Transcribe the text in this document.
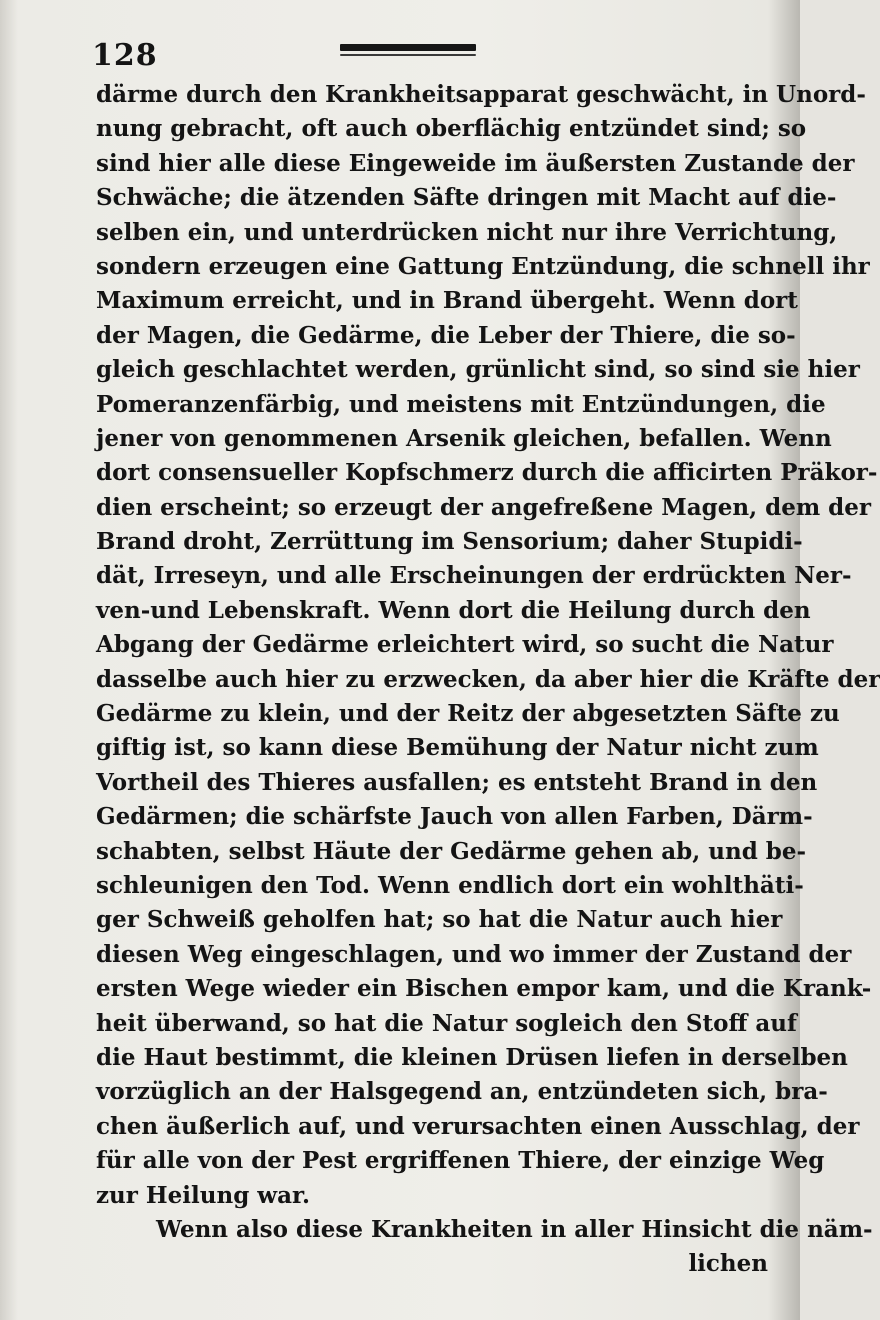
128
därme durch den Krankheitsapparat geschwächt, in Unord-
nung gebracht, oft auch oberflächig entzündet sind; so
sind hier alle diese Eingeweide im äußersten Zustande der
Schwäche; die ätzenden Säfte dringen mit Macht auf die-
selben ein, und unterdrücken nicht nur ihre Verrichtung,
sondern erzeugen eine Gattung Entzündung, die schnell ihr
Maximum erreicht, und in Brand übergeht. Wenn dort
der Magen, die Gedärme, die Leber der Thiere, die so-
gleich geschlachtet werden, grünlicht sind, so sind sie hier
Pomeranzenfärbig, und meistens mit Entzündungen, die
jener von genommenen Arsenik gleichen, befallen. Wenn
dort consensueller Kopfschmerz durch die afficirten Präkor-
dien erscheint; so erzeugt der angefreßene Magen, dem der
Brand droht, Zerrüttung im Sensorium; daher Stupidi-
dät, Irreseyn, und alle Erscheinungen der erdrückten Ner-
ven-und Lebenskraft. Wenn dort die Heilung durch den
Abgang der Gedärme erleichtert wird, so sucht die Natur
dasselbe auch hier zu erzwecken, da aber hier die Kräfte der
Gedärme zu klein, und der Reitz der abgesetzten Säfte zu
giftig ist, so kann diese Bemühung der Natur nicht zum
Vortheil des Thieres ausfallen; es entsteht Brand in den
Gedärmen; die schärfste Jauch von allen Farben, Därm-
schabten, selbst Häute der Gedärme gehen ab, und be-
schleunigen den Tod. Wenn endlich dort ein wohlthäti-
ger Schweiß geholfen hat; so hat die Natur auch hier
diesen Weg eingeschlagen, und wo immer der Zustand der
ersten Wege wieder ein Bischen empor kam, und die Krank-
heit überwand, so hat die Natur sogleich den Stoff auf
die Haut bestimmt, die kleinen Drüsen liefen in derselben
vorzüglich an der Halsgegend an, entzündeten sich, bra-
chen äußerlich auf, und verursachten einen Ausschlag, der
für alle von der Pest ergriffenen Thiere, der einzige Weg
zur Heilung war.
Wenn also diese Krankheiten in aller Hinsicht die näm-
lichen
